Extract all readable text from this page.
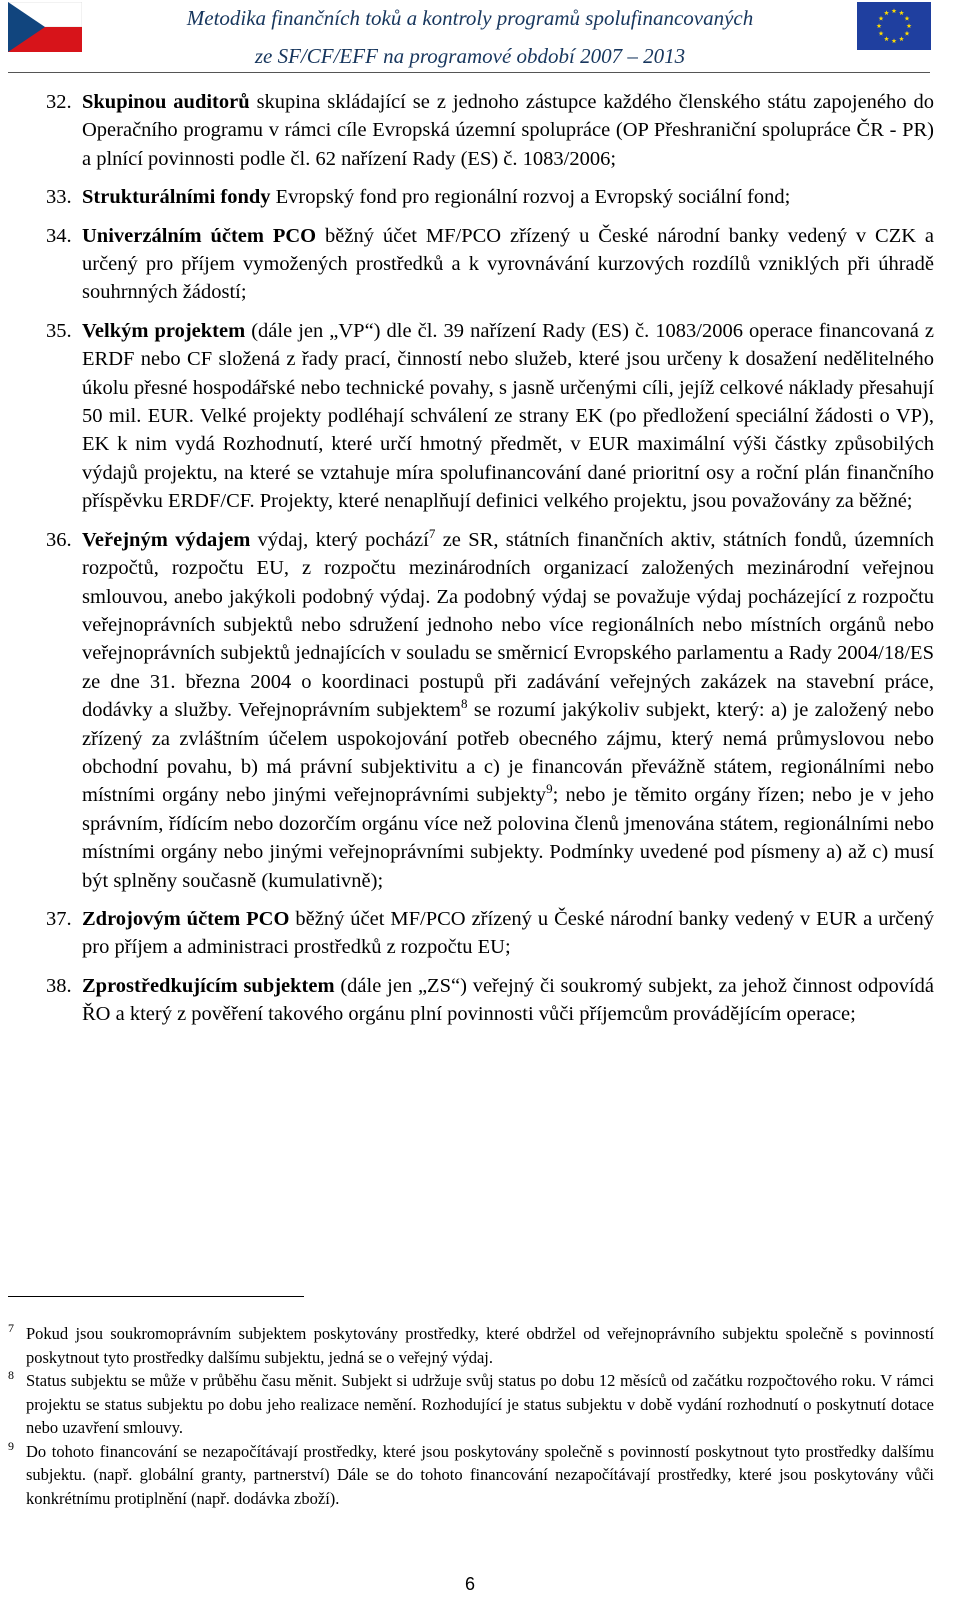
Metodika finančních toků a kontroly programů spolufinancovaných
ze SF/CF/EFF na programové období 2007 – 2013
32. Skupinou auditorů skupina skládající se z jednoho zástupce každého členského státu zapojeného do Operačního programu v rámci cíle Evropská územní spolupráce (OP Přeshraniční spolupráce ČR - PR) a plnící povinnosti podle čl. 62 nařízení Rady (ES) č. 1083/2006;
33. Strukturálními fondy Evropský fond pro regionální rozvoj a Evropský sociální fond;
34. Univerzálním účtem PCO běžný účet MF/PCO zřízený u České národní banky vedený v CZK a určený pro příjem vymožených prostředků a k vyrovnávání kurzových rozdílů vzniklých při úhradě souhrnných žádostí;
35. Velkým projektem (dále jen „VP“) dle čl. 39 nařízení Rady (ES) č. 1083/2006 operace financovaná z ERDF nebo CF složená z řady prací, činností nebo služeb, které jsou určeny k dosažení nedělitelného úkolu přesné hospodářské nebo technické povahy, s jasně určenými cíli, jejíž celkové náklady přesahují 50 mil. EUR. Velké projekty podléhají schválení ze strany EK (po předložení speciální žádosti o VP), EK k nim vydá Rozhodnutí, které určí hmotný předmět, v EUR maximální výši částky způsobilých výdajů projektu, na které se vztahuje míra spolufinancování dané prioritní osy a roční plán finančního příspěvku ERDF/CF. Projekty, které nenaplňují definici velkého projektu, jsou považovány za běžné;
36. Veřejným výdajem výdaj, který pochází$^7$ ze SR, státních finančních aktiv, státních fondů, územních rozpočtů, rozpočtu EU, z rozpočtu mezinárodních organizací založených mezinárodní veřejnou smlouvou, anebo jakýkoli podobný výdaj. Za podobný výdaj se považuje výdaj pocházející z rozpočtu veřejnoprávních subjektů nebo sdružení jednoho nebo více regionálních nebo místních orgánů nebo veřejnoprávních subjektů jednajících v souladu se směrnicí Evropského parlamentu a Rady 2004/18/ES ze dne 31. března 2004 o koordinaci postupů při zadávání veřejných zakázek na stavební práce, dodávky a služby. Veřejnoprávním subjektem$^8$ se rozumí jakýkoliv subjekt, který: a) je založený nebo zřízený za zvláštním účelem uspokojování potřeb obecného zájmu, který nemá průmyslovou nebo obchodní povahu, b) má právní subjektivitu a c) je financován převážně státem, regionálními nebo místními orgány nebo jinými veřejnoprávními subjekty$^9$; nebo je těmito orgány řízen; nebo je v jeho správním, řídícím nebo dozorčím orgánu více než polovina členů jmenována státem, regionálními nebo místními orgány nebo jinými veřejnoprávními subjekty. Podmínky uvedené pod písmeny a) až c) musí být splněny současně (kumulativně);
37. Zdrojovým účtem PCO běžný účet MF/PCO zřízený u České národní banky vedený v EUR a určený pro příjem a administraci prostředků z rozpočtu EU;
38. Zprostředkujícím subjektem (dále jen „ZS“) veřejný či soukromý subjekt, za jehož činnost odpovídá ŘO a který z pověření takového orgánu plní povinnosti vůči příjemcům provádějícím operace;
7 Pokud jsou soukromoprávním subjektem poskytovány prostředky, které obdržel od veřejnoprávního subjektu společně s povinností poskytnout tyto prostředky dalšímu subjektu, jedná se o veřejný výdaj.
8 Status subjektu se může v průběhu času měnit. Subjekt si udržuje svůj status po dobu 12 měsíců od začátku rozpočtového roku. V rámci projektu se status subjektu po dobu jeho realizace nemění. Rozhodující je status subjektu v době vydání rozhodnutí o poskytnutí dotace nebo uzavření smlouvy.
9 Do tohoto financování se nezapočítávají prostředky, které jsou poskytovány společně s povinností poskytnout tyto prostředky dalšímu subjektu. (např. globální granty, partnerství) Dále se do tohoto financování nezapočítávají prostředky, které jsou poskytovány vůči konkrétnímu protiplnění (např. dodávka zboží).
6
